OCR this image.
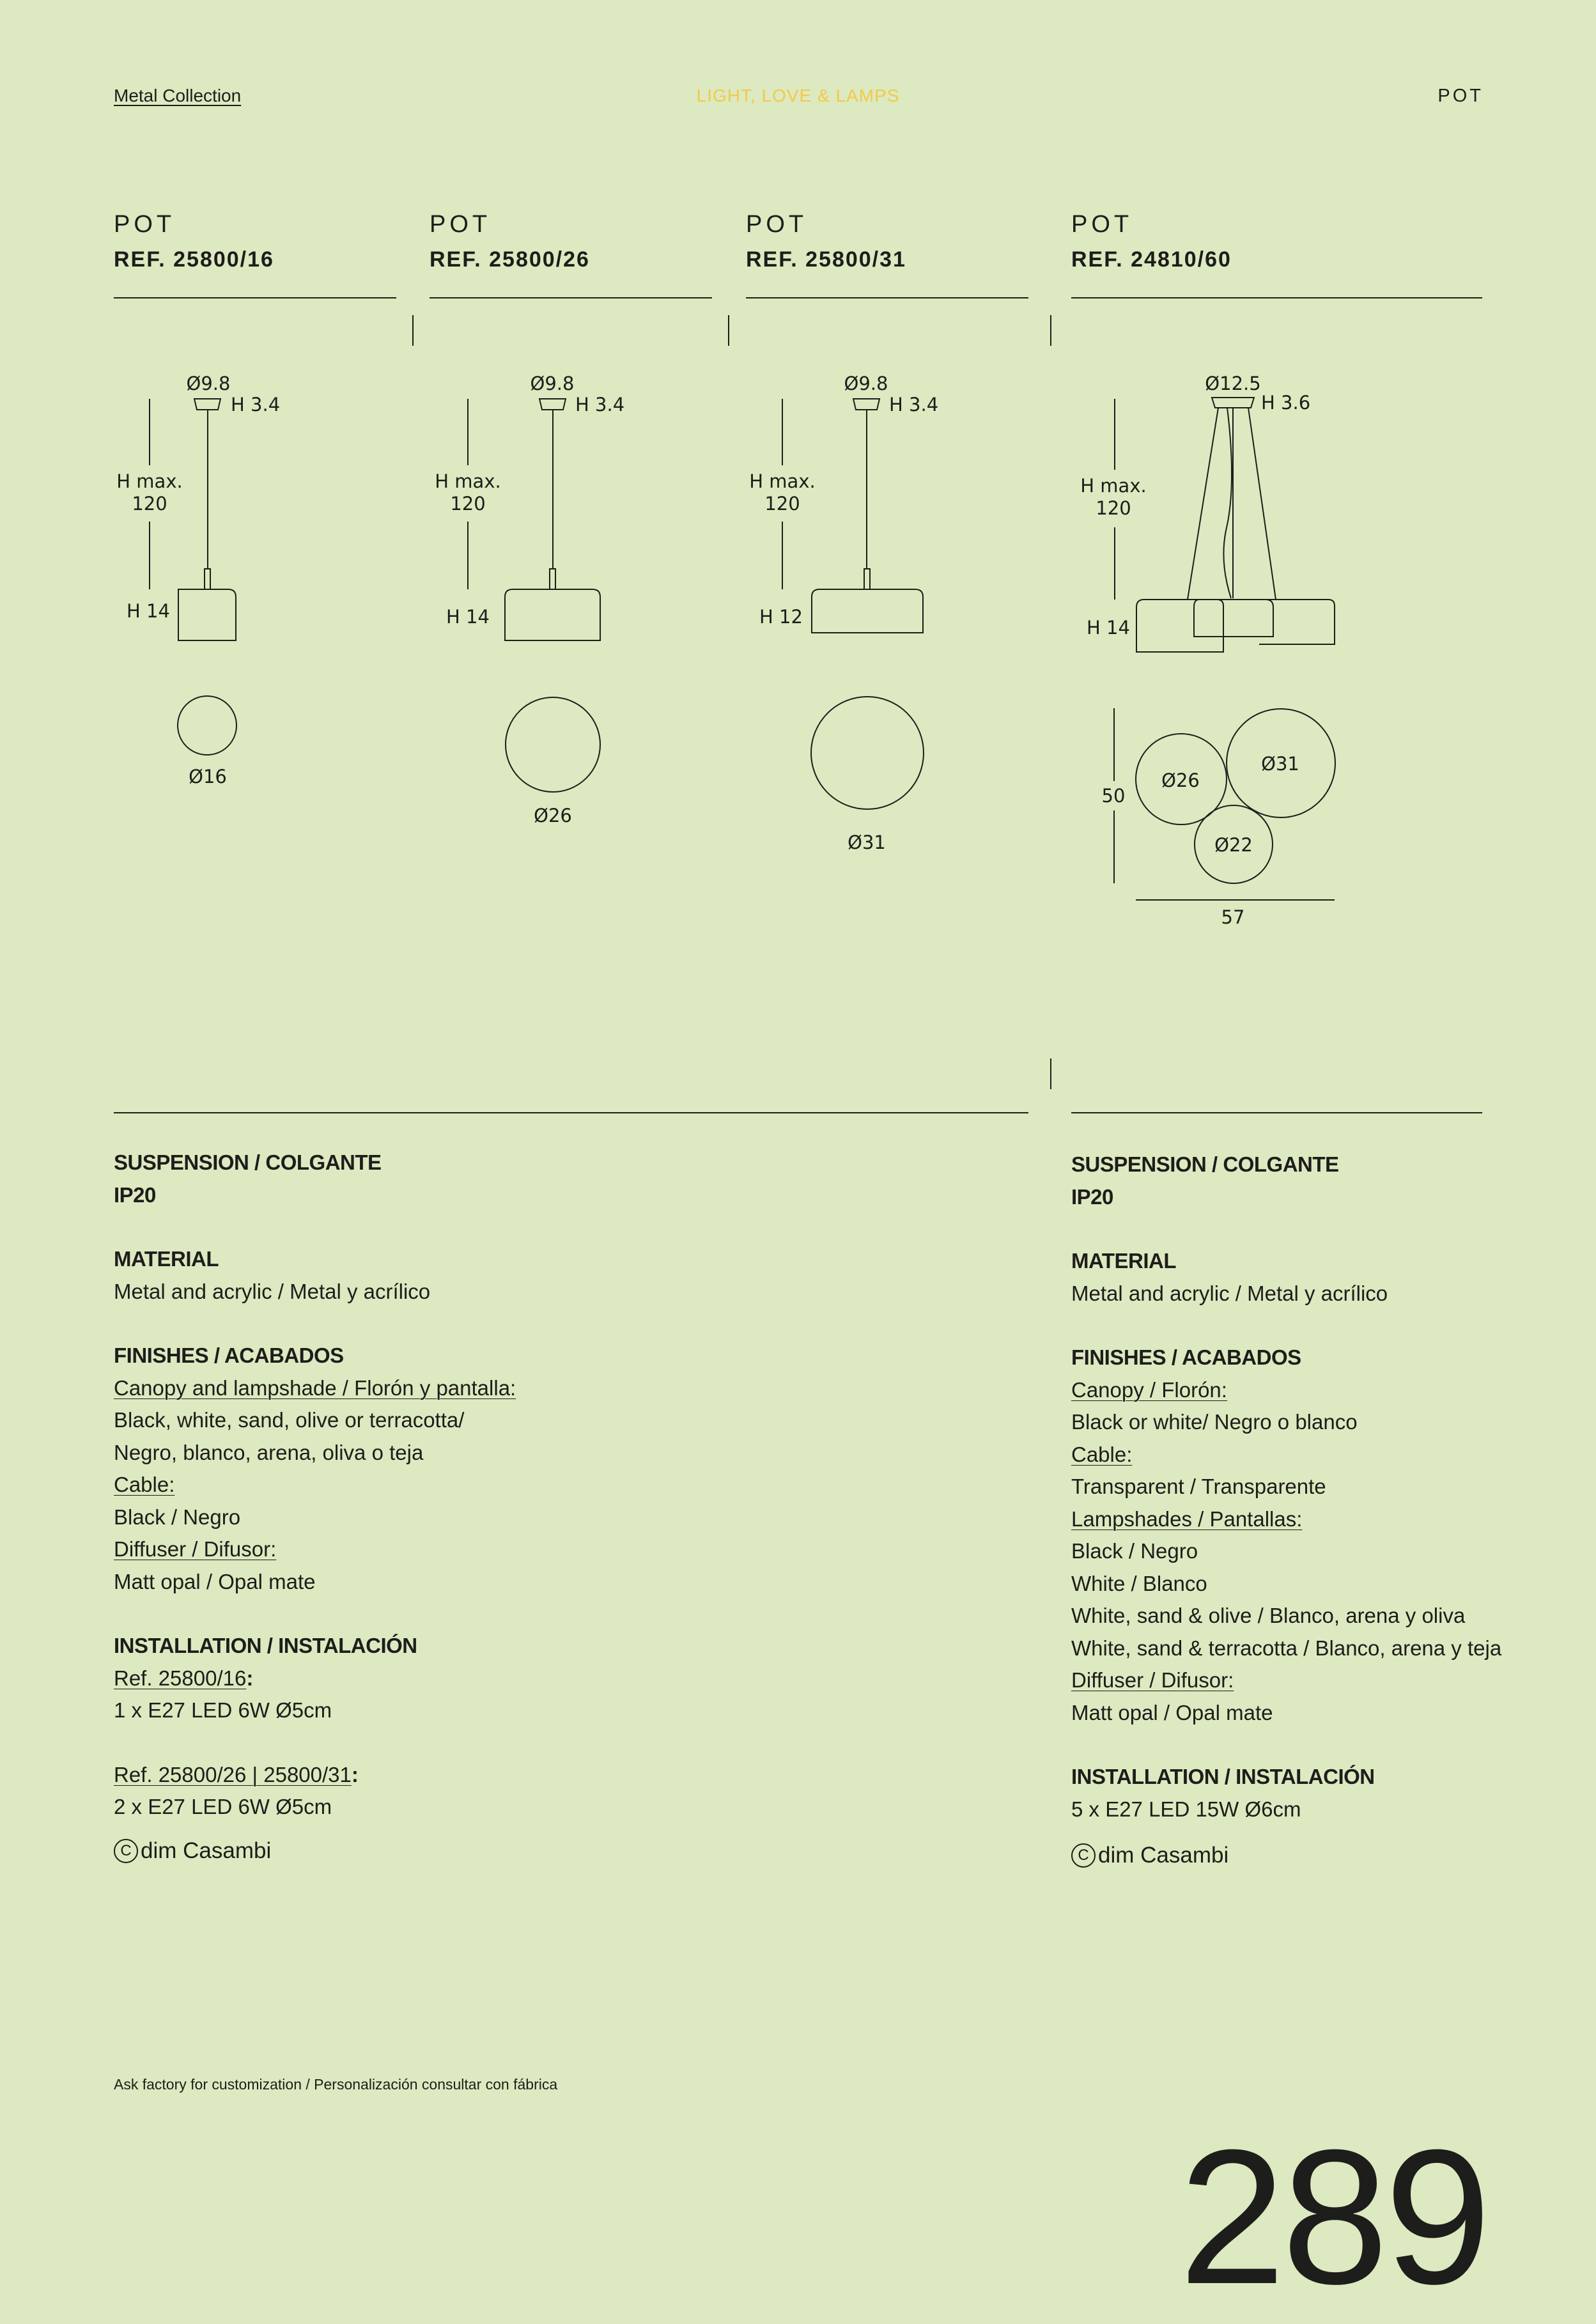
Metal Collection	LIGHT, LOVE & LAMPS	POT
POT
REF. 25800/16
POT
REF. 25800/26
POT
REF. 25800/31
POT
REF. 24810/60
Ø9.8
H 3.4
H max.
120
H 14
Ø16
Ø9.8
H 3.4
H max.
120
H 14
Ø26
Ø9.8
H 3.4
H max.
120
H 12
Ø31
Ø12.5
H 3.6
H max.
120
H 14
Ø26
Ø31
Ø22
50
57
SUSPENSION / COLGANTE
IP20
MATERIAL
Metal and acrylic / Metal y acrílico
FINISHES / ACABADOS
Canopy and lampshade / Florón y pantalla:
Black, white, sand, olive or terracotta/
Negro, blanco, arena, oliva o teja
Cable:
Black / Negro
Diffuser / Difusor:
Matt opal / Opal mate
INSTALLATION / INSTALACIÓN
Ref. 25800/16:
1 x E27 LED 6W Ø5cm
Ref. 25800/26 | 25800/31:
2 x E27 LED 6W Ø5cm
C dim Casambi
SUSPENSION / COLGANTE
IP20
MATERIAL
Metal and acrylic / Metal y acrílico
FINISHES / ACABADOS
Canopy / Florón:
Black or white/ Negro o blanco
Cable:
Transparent / Transparente
Lampshades / Pantallas:
Black / Negro
White / Blanco
White, sand & olive / Blanco, arena y oliva
White, sand & terracotta / Blanco, arena y teja
Diffuser / Difusor:
Matt opal / Opal mate
INSTALLATION / INSTALACIÓN
5 x E27 LED 15W Ø6cm
C dim Casambi
Ask factory for customization / Personalización consultar con fábrica
289
